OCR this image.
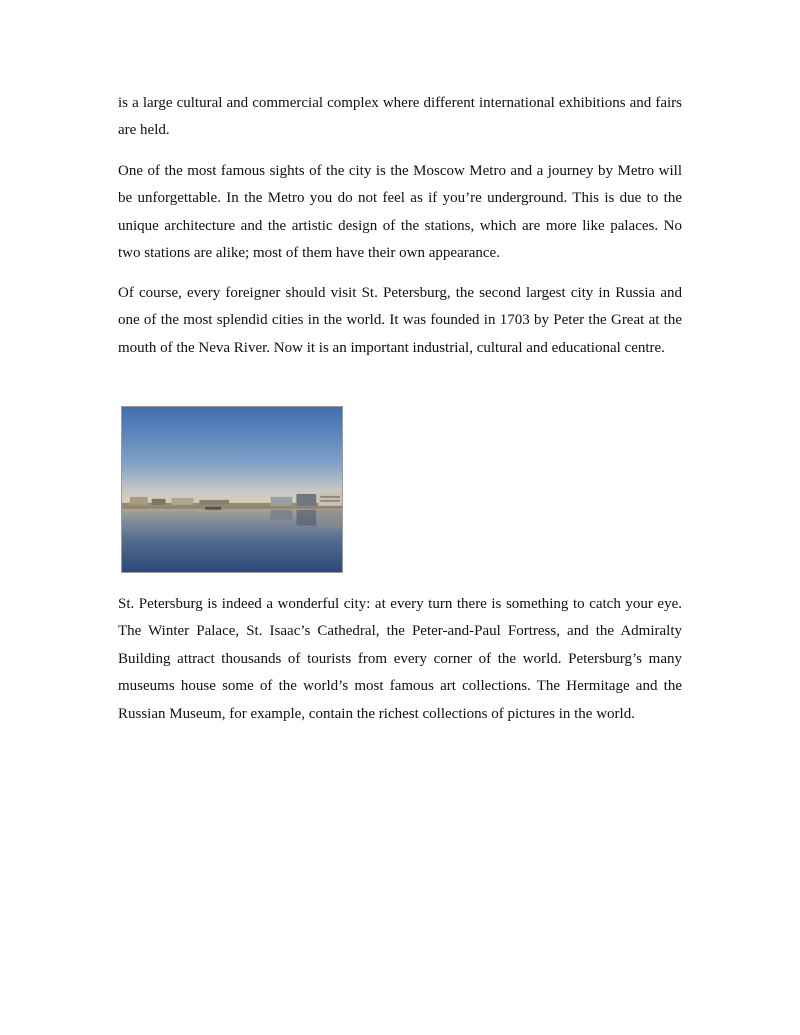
is a large cultural and commercial complex where different international exhibitions and fairs are held.

One of the most famous sights of the city is the Moscow Metro and a journey by Metro will be unforgettable. In the Metro you do not feel as if you’re underground. This is due to the unique architecture and the artistic design of the stations, which are more like palaces. No two stations are alike; most of them have their own appearance.

Of course, every foreigner should visit St. Petersburg, the second largest city in Russia and one of the most splendid cities in the world. It was founded in 1703 by Peter the Great at the mouth of the Neva River. Now it is an important industrial, cultural and educational centre.

St. Petersburg is indeed a wonderful city: at every turn there is something to catch your eye. The Winter Palace, St. Isaac’s Cathedral, the Peter-and-Paul Fortress, and the Admiralty Building attract thousands of tourists from every corner of the world. Petersburg’s many museums house some of the world’s most famous art collections. The Hermitage and the Russian Museum, for example, contain the richest collections of pictures in the world.
